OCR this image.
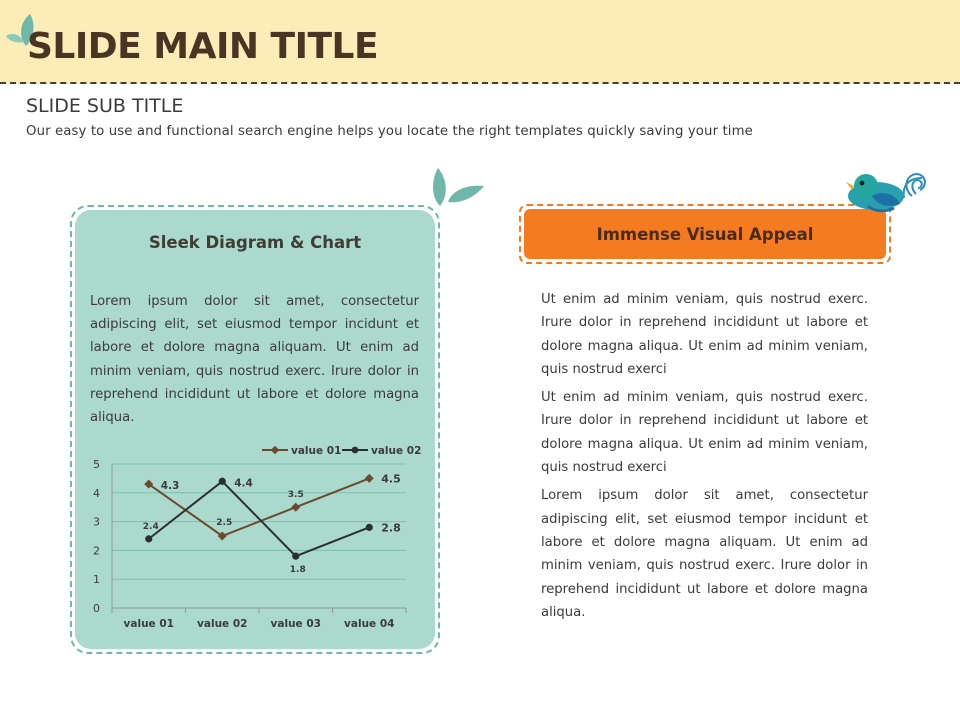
SLIDE MAIN TITLE
SLIDE SUB TITLE

Our easy to use and functional search engine helps you locate the right templates quickly saving your time

Sleek Diagram & Chart

Lorem ipsum dolor sit amet, consectetur adipiscing elit, set eiusmod tempor incidunt et labore et dolore magna aliquam. Ut enim ad minim veniam, quis nostrud exerc. Irure dolor in reprehend incididunt ut labore et dolore magna aliqua.

0
1
2
3
4
5
value 01 value 02 value 03 value 04
4.3
2.5
3.5
4.5
2.4
4.4
1.8
2.8
value 01	value 02
Immense Visual Appeal

Ut enim ad minim veniam, quis nostrud exerc. Irure dolor in reprehend incididunt ut labore et dolore magna aliqua. Ut enim ad minim veniam, quis nostrud exerci

Ut enim ad minim veniam, quis nostrud exerc. Irure dolor in reprehend incididunt ut labore et dolore magna aliqua. Ut enim ad minim veniam, quis nostrud exerci

Lorem ipsum dolor sit amet, consectetur adipiscing elit, set eiusmod tempor incidunt et labore et dolore magna aliquam. Ut enim ad minim veniam, quis nostrud exerc. Irure dolor in reprehend incididunt ut labore et dolore magna aliqua.
